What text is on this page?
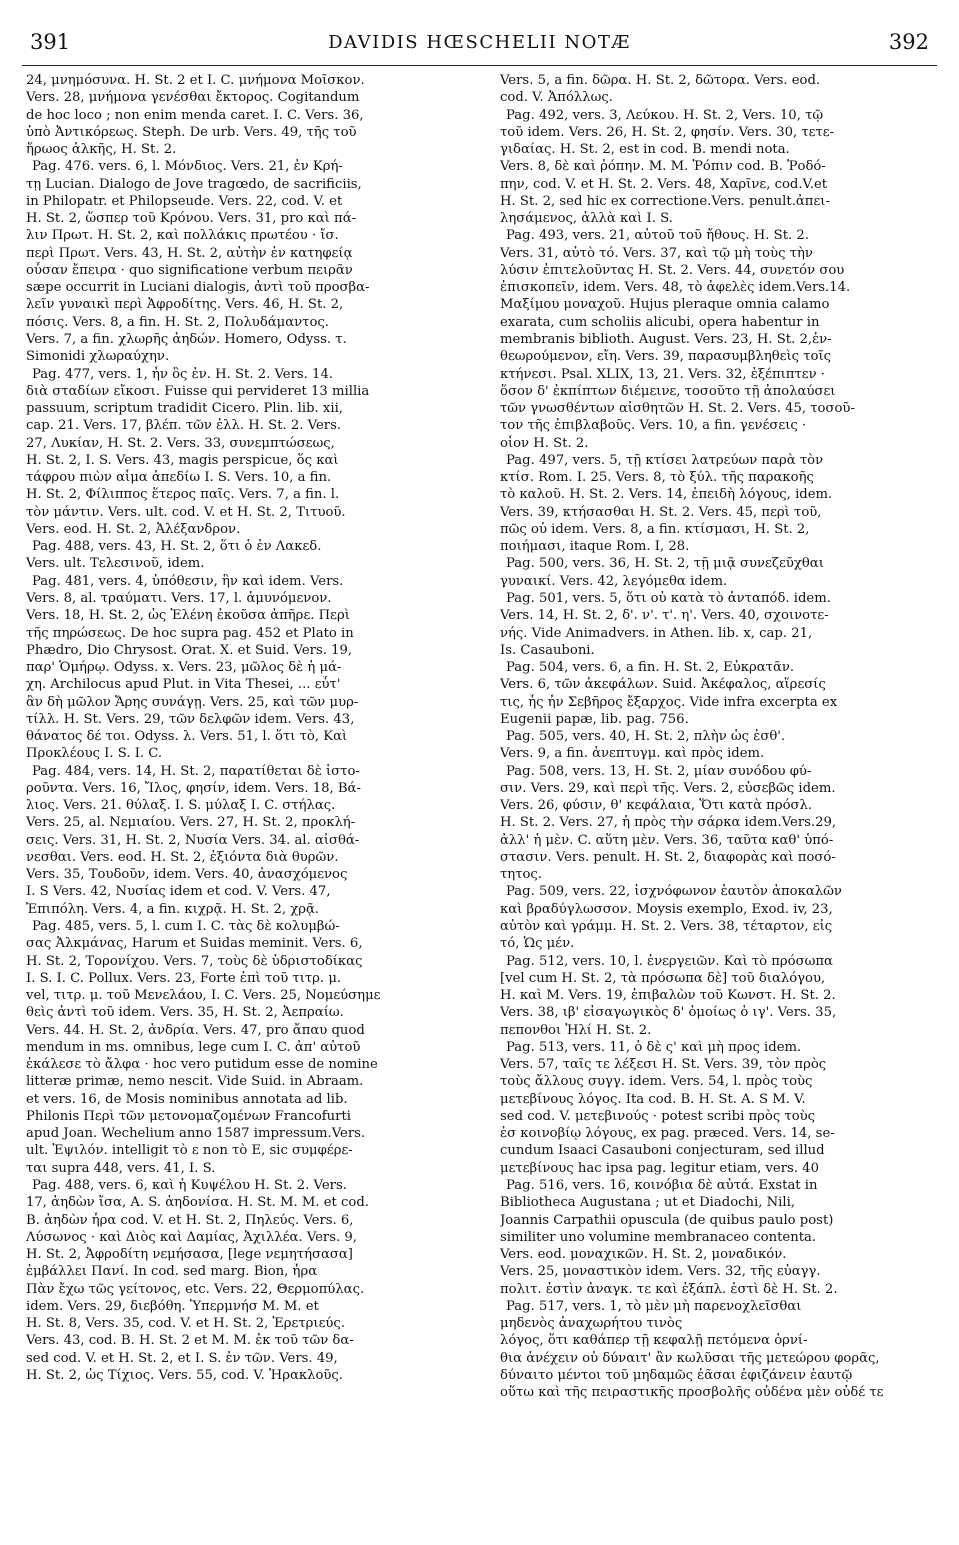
391	DAVIDIS HŒSCHELII NOTÆ	392
24, μνημόσυνα. H. St. 2 et I. C. μνήμονα Mοῖσκον.
Vers. 28, μνήμονα γενέσθαι ἔκτορος. Cogitandum
de hoc loco ; non enim menda caret. I. C. Vers. 36,
ὑπὸ Ἀντικόρεως. Steph. De urb. Vers. 49, τῆς τοῦ
ἥρωος ἀλκῆς, H. St. 2.
Pag. 476. vers. 6, l. Μόνδιος. Vers. 21, ἐν Κρή-
τῃ Lucian. Dialogo de Jove tragœdo, de sacrificiis,
in Philopatr. et Philopseude. Vers. 22, cod. V. et
H. St. 2, ὥσπερ τοῦ Κρόνου. Vers. 31, pro καὶ πά-
λιν Πρωτ. H. St. 2, καὶ πολλάκις πρωτέου · ἴσ.
περὶ Πρωτ. Vers. 43, H. St. 2, αὐτὴν ἐν κατηφείᾳ
οὖσαν ἔπειρα · quo significatione verbum πειρᾶν
sæpe occurrit in Luciani dialogis, ἀντὶ τοῦ προσβα-
λεῖν γυναικὶ περὶ Ἀφροδίτης. Vers. 46, H. St. 2,
πόσις. Vers. 8, a fin. H. St. 2, Πολυδάμαντος.
Vers. 7, a fin. χλωρῆς ἀηδών. Homero, Odyss. τ.
Simonidi χλωραύχην.
Pag. 477, vers. 1, ἦν ὃς ἐν. H. St. 2. Vers. 14.
διὰ σταδίων εἴκοσι. Fuisse qui pervideret 13 millia
passuum, scriptum tradidit Cicero. Plin. lib. xii,
cap. 21. Vers. 17, βλέπ. τῶν ἐλλ. H. St. 2. Vers.
27, Λυκίαν, H. St. 2. Vers. 33, συνεμπτώσεως,
H. St. 2, I. S. Vers. 43, magis perspicue, ὅς καὶ
τάφρου πιὼν αἷμα ἀπεδίω I. S. Vers. 10, a fin.
H. St. 2, Φίλιππος ἕτερος παῖς. Vers. 7, a fin. l.
τὸν μάντιν. Vers. ult. cod. V. et H. St. 2, Τιτυοῦ.
Vers. eod. H. St. 2, Ἀλέξανδρον.
Pag. 488, vers. 43, H. St. 2, ὅτι ὁ ἐν Λακεδ.
Vers. ult. Τελεσινοῦ, idem.
Pag. 481, vers. 4, ὑπόθεσιν, ἣν καὶ idem. Vers.
Vers. 8, al. τραύματι. Vers. 17, l. ἀμυνόμενον.
Vers. 18, H. St. 2, ὡς Ἑλένη ἑκοῦσα ἀπῆρε. Περὶ
τῆς πηρώσεως. De hoc supra pag. 452 et Plato in
Phædro, Dio Chrysost. Orat. X. et Suid. Vers. 19,
παρ' Ὁμήρῳ. Odyss. x. Vers. 23, μῶλος δὲ ἡ μά-
χη. Archilocus apud Plut. in Vita Thesei, ... εὖτ'
ἂν δὴ μῶλον Ἄρης συνάγῃ. Vers. 25, καὶ τῶν μυρ-
τίλλ. H. St. Vers. 29, τῶν δελφῶν idem. Vers. 43,
θάνατος δέ τοι. Odyss. λ. Vers. 51, l. ὅτι τὸ, Καὶ
Προκλέους I. S. I. C.
Pag. 484, vers. 14, H. St. 2, παρατίθεται δὲ ἱστο-
ροῦντα. Vers. 16, Ἴλος, φησίν, idem. Vers. 18, Βά-
λιος. Vers. 21. θύλαξ. I. S. μύλαξ I. C. στήλας.
Vers. 25, al. Νεμιαίου. Vers. 27, H. St. 2, προκλή-
σεις. Vers. 31, H. St. 2, Νυσία Vers. 34. al. αἰσθά-
νεσθαι. Vers. eod. H. St. 2, ἐξιόντα διὰ θυρῶν.
Vers. 35, Τουδοῦν, idem. Vers. 40, ἀνασχόμενος
I. S Vers. 42, Νυσίας idem et cod. V. Vers. 47,
Ἐπιπόλη. Vers. 4, a fin. κιχρᾷ. H. St. 2, χρᾷ.
Pag. 485, vers. 5, l. cum I. C. τὰς δὲ κολυμβώ-
σας Ἀλκμάνας, Harum et Suidas meminit. Vers. 6,
H. St. 2, Τορονίχου. Vers. 7, τοὺς δὲ ὑδριστοδίκας
I. S. I. C. Pollux. Vers. 23, Forte ἐπὶ τοῦ τιτρ. μ.
vel, τιτρ. μ. τοῦ Μενελάου, I. C. Vers. 25, Νομεύσημε
θεὶς ἀντὶ τοῦ idem. Vers. 35, H. St. 2, Ἀεπραίω.
Vers. 44. H. St. 2, ἀνδρία. Vers. 47, pro ἄπαυ quod
mendum in ms. omnibus, lege cum I. C. ἀπ' αὐτοῦ
ἐκάλεσε τὸ ἄλφα · hoc vero putidum esse de nomine
litteræ primæ, nemo nescit. Vide Suid. in Abraam.
et vers. 16, de Mosis nominibus annotata ad lib.
Philonis Περὶ τῶν μετονομαζομένων Francofurti
apud Joan. Wechelium anno 1587 impressum.Vers.
ult. Ἐψιλόν. intelligit τὸ ε non τὸ Ε, sic συμφέρε-
ται supra 448, vers. 41, I. S.
Pag. 488, vers. 6, καὶ ἡ Κυψέλου H. St. 2. Vers.
17, ἀηδὼν ἴσα, A. S. ἀηδονίσα. H. St. M. M. et cod.
B. ἀηδὼν ἦρα cod. V. et H. St. 2, Πηλεύς. Vers. 6,
Λύσωνος · καὶ Διὸς καὶ Δαμίας, Ἀχιλλέα. Vers. 9,
H. St. 2, Ἀφροδίτη νεμήσασα, [lege νεμητήσασα]
ἐμβάλλει Πανί. In cod. sed marg. Bion, ἦρα
Πὰν ἔχω τῶς γείτονος, etc. Vers. 22, Θερμοπύλας.
idem. Vers. 29, διεβόθη. Ὑπερμνήσ M. M. et
H. St. 8, Vers. 35, cod. V. et H. St. 2, Ἐρετριεύς.
Vers. 43, cod. B. H. St. 2 et M. M. ἐκ τοῦ τῶν δα-
sed cod. V. et H. St. 2, et I. S. ἐν τῶν. Vers. 49,
H. St. 2, ὡς Τίχιος. Vers. 55, cod. V. Ἠρακλοῦς.
Vers. 5, a fin. δῶρα. H. St. 2, δῶτορα. Vers. eod.
cod. V. Ἀπόλλως.
Pag. 492, vers. 3, Λεύκου. H. St. 2, Vers. 10, τῷ
τοῦ idem. Vers. 26, H. St. 2, φησίν. Vers. 30, τετε-
γιδαίας. H. St. 2, est in cod. B. mendi nota.
Vers. 8, δὲ καὶ ῥόπην. M. M. Ῥόπιν cod. B. Ῥοδό-
πην, cod. V. et H. St. 2. Vers. 48, Χαρῖνε, cod.V.et
H. St. 2, sed hic ex correctione.Vers. penult.ἀπει-
λησάμενος, ἀλλὰ καὶ I. S.
Pag. 493, vers. 21, αὐτοῦ τοῦ ἤθους. H. St. 2.
Vers. 31, αὐτὸ τό. Vers. 37, καὶ τῷ μὴ τοὺς τὴν
λύσιν ἐπιτελοῦντας H. St. 2. Vers. 44, συνετόν σου
ἐπισκοπεῖν, idem. Vers. 48, τὸ ἀφελὲς idem.Vers.14.
Μαξίμου μοναχοῦ. Hujus pleraque omnia calamo
exarata, cum scholiis alicubi, opera habentur in
membranis biblioth. August. Vers. 23, H. St. 2,ἐν-
θεωρούμενον, εἴη. Vers. 39, παρασυμβληθεὶς τοῖς
κτήνεσι. Psal. XLIX, 13, 21. Vers. 32, ἐξέπιπτεν ·
ὅσον δ' ἐκπίπτων διέμεινε, τοσοῦτο τῇ ἀπολαύσει
τῶν γνωσθέντων αἰσθητῶν H. St. 2. Vers. 45, τοσοῦ-
τον τῆς ἐπιβλαβοῦς. Vers. 10, a fin. γενέσεις ·
οἷον H. St. 2.
Pag. 497, vers. 5, τῇ κτίσει λατρεύων παρὰ τὸν
κτίσ. Rom. I. 25. Vers. 8, τὸ ξύλ. τῆς παρακοῆς
τὸ καλοῦ. H. St. 2. Vers. 14, ἐπειδὴ λόγους, idem.
Vers. 39, κτήσασθαι H. St. 2. Vers. 45, περὶ τοῦ,
πῶς οὐ idem. Vers. 8, a fin. κτίσμασι, H. St. 2,
ποιήμασι, itaque Rom. I, 28.
Pag. 500, vers. 36, H. St. 2, τῇ μιᾷ συνεζεῦχθαι
γυναικί. Vers. 42, λεγόμεθα idem.
Pag. 501, vers. 5, ὅτι οὐ κατὰ τὸ ἀνταπόδ. idem.
Vers. 14, H. St. 2, δ'. ν'. τ'. η'. Vers. 40, σχοινοτε-
νής. Vide Animadvers. in Athen. lib. x, cap. 21,
Is. Casauboni.
Pag. 504, vers. 6, a fin. H. St. 2, Εὐκρατᾶν.
Vers. 6, τῶν ἀκεφάλων. Suid. Ἀκέφαλος, αἵρεσίς
τις, ἧς ἦν Σεβῆρος ἔξαρχος. Vide infra excerpta ex
Eugenii papæ, lib. pag. 756.
Pag. 505, vers. 40, H. St. 2, πλὴν ὡς ἐσθ'.
Vers. 9, a fin. ἀνεπτυγμ. καὶ πρὸς idem.
Pag. 508, vers. 13, H. St. 2, μίαν συνόδου φύ-
σιν. Vers. 29, καὶ περὶ τῆς. Vers. 2, εὐσεβῶς idem.
Vers. 26, φύσιν, θ' κεφάλαια, Ὅτι κατὰ πρόσλ.
H. St. 2. Vers. 27, ἡ πρὸς τὴν σάρκα idem.Vers.29,
ἀλλ' ἡ μὲν. C. αὕτη μὲν. Vers. 36, ταῦτα καθ' ὑπό-
στασιν. Vers. penult. H. St. 2, διαφορὰς καὶ ποσό-
τητος.
Pag. 509, vers. 22, ἰσχνόφωνον ἑαυτὸν ἀποκαλῶν
καὶ βραδύγλωσσον. Moysis exemplo, Exod. iv, 23,
αὐτὸν καὶ γράμμ. H. St. 2. Vers. 38, τέταρτον, εἰς
τό, Ὡς μέν.
Pag. 512, vers. 10, l. ἐνεργειῶν. Καὶ τὸ πρόσωπα
[vel cum H. St. 2, τὰ πρόσωπα δὲ] τοῦ διαλόγου,
H. καὶ M. Vers. 19, ἐπιβαλὼν τοῦ Κωνστ. H. St. 2.
Vers. 38, ιβ' εἰσαγωγικὸς δ' ὁμοίως ὁ ιγ'. Vers. 35,
πεπονθοι Ἡλί H. St. 2.
Pag. 513, vers. 11, ὁ δὲ ς' καὶ μὴ προς idem.
Vers. 57, ταῖς τε λέξεσι H. St. Vers. 39, τὸν πρὸς
τοὺς ἄλλους συγγ. idem. Vers. 54, l. πρὸς τοὺς
μετεβίνους λόγος. Ita cod. B. H. St. A. S M. V.
sed cod. V. μετεβινούς · potest scribi πρὸς τοὺς
ἐσ κοινοβίῳ λόγους, ex pag. præced. Vers. 14, se-
cundum Isaaci Casauboni conjecturam, sed illud
μετεβίνους hac ipsa pag. legitur etiam, vers. 40
Pag. 516, vers. 16, κοινόβια δὲ αὐτά. Exstat in
Bibliotheca Augustana ; ut et Diadochi, Nili,
Joannis Carpathii opuscula (de quibus paulo post)
similiter uno volumine membranaceo contenta.
Vers. eod. μοναχικῶν. H. St. 2, μοναδικόν.
Vers. 25, μοναστικὸν idem. Vers. 32, τῆς εὐαγγ.
πολιτ. ἐστὶν ἀναγκ. τε καὶ ἐξάπλ. ἐστὶ δὲ H. St. 2.
Pag. 517, vers. 1, τὸ μὲν μὴ παρενοχλεῖσθαι
μηδενὸς ἀναχωρήτου τινὸς
λόγος, ὅτι καθάπερ τῇ κεφαλῇ πετόμενα ὀρνί-
θια ἀνέχειν οὐ δύναιτ' ἂν κωλῦσαι τῆς μετεώρου φορᾶς,
δύναιτο μέντοι τοῦ μηδαμῶς ἐᾶσαι ἐφιζάνειν ἑαυτῷ
οὕτω καὶ τῆς πειραστικῆς προσβολῆς οὐδένα μὲν οὐδέ τε
